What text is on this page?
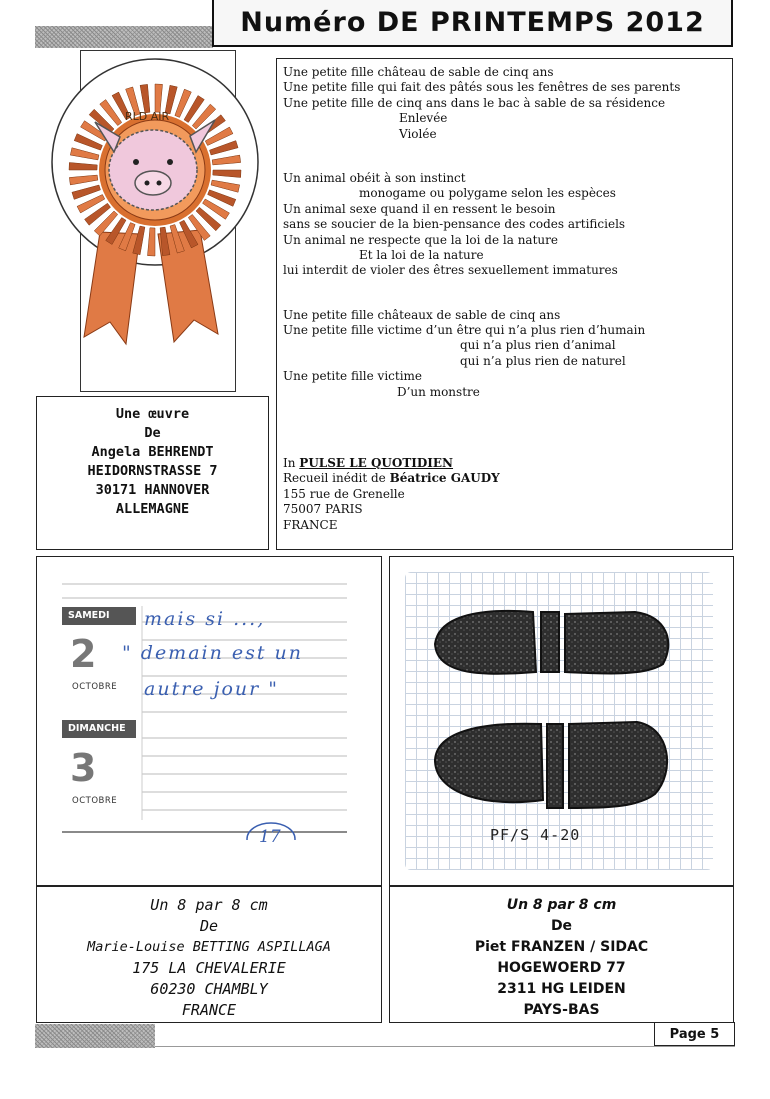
Numéro DE PRINTEMPS 2012
RLD AIR
Une petite fille château de sable de cinq ans
Une petite fille qui fait des pâtés sous les fenêtres de ses parents
Une petite fille de cinq ans dans le bac à sable de sa résidence
Enlevée
Violée
Un animal obéit à son instinct
monogame ou polygame selon les espèces
Un animal sexe quand il en ressent le besoin
sans se soucier de la bien-pensance des codes artificiels
Un animal ne respecte que la loi de la nature
Et la loi de la nature
lui interdit de violer des êtres sexuellement immatures
Une petite fille châteaux de sable de cinq ans
Une petite fille victime d’un être qui n’a plus rien d’humain
qui n’a plus rien d’animal
qui n’a plus rien de naturel
Une petite fille victime
D’un monstre
In PULSE LE QUOTIDIEN
Recueil inédit de Béatrice GAUDY
155 rue de Grenelle
75007 PARIS
FRANCE
Une œuvre
De
Angela BEHRENDT
HEIDORNSTRASSE 7
30171 HANNOVER
ALLEMAGNE
SAMEDI
2
OCTOBRE
DIMANCHE
3
OCTOBRE
mais si ...,
" demain est un
autre jour "
17	PF/S 4-20
Un 8 par 8 cm
De
Marie-Louise BETTING ASPILLAGA
175 LA CHEVALERIE
60230 CHAMBLY
FRANCE
Un 8 par 8 cm
De
Piet FRANZEN / SIDAC
HOGEWOERD 77
2311 HG LEIDEN
PAYS-BAS
Page 5
